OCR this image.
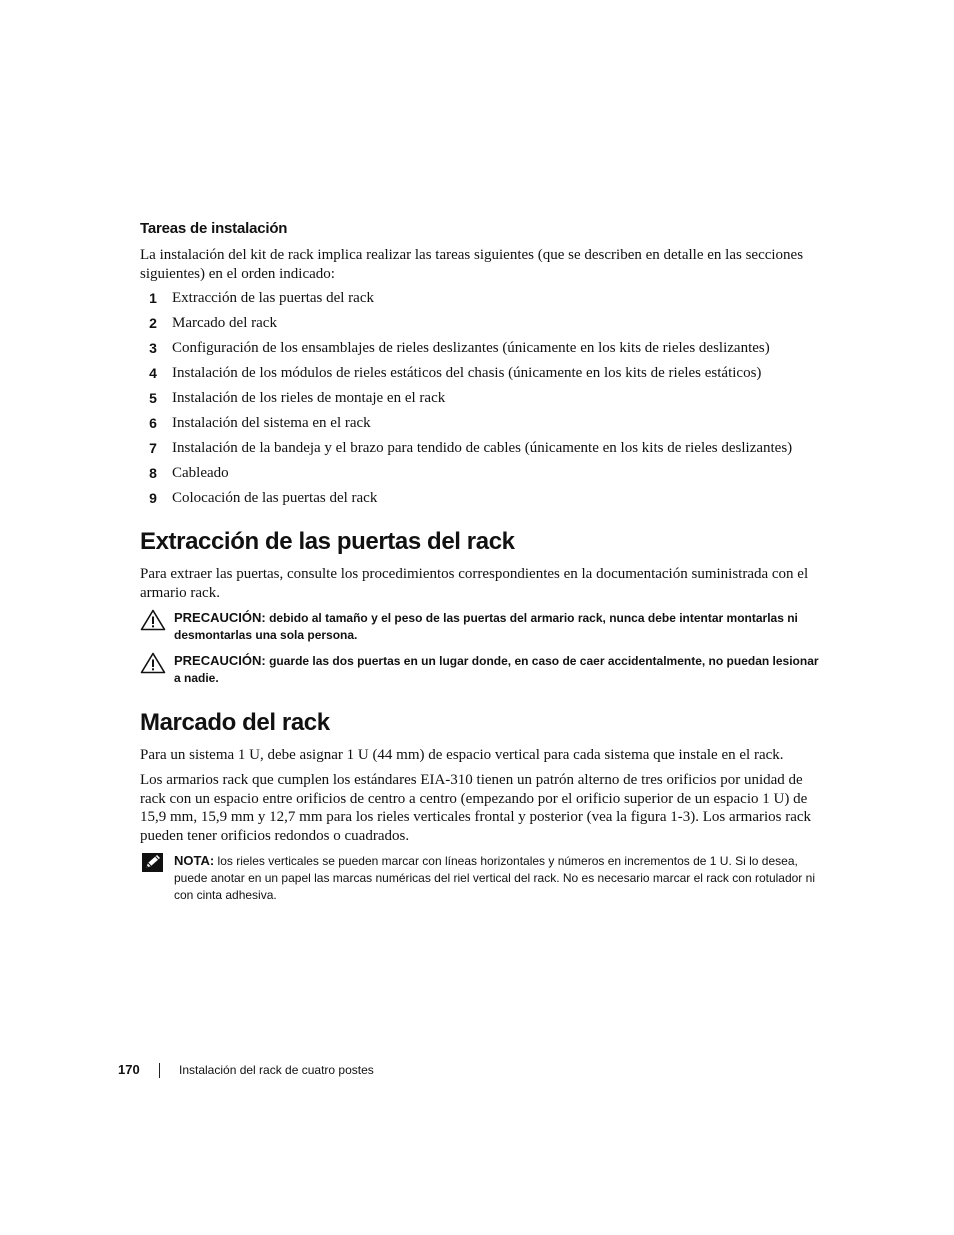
Tareas de instalación
La instalación del kit de rack implica realizar las tareas siguientes (que se describen en detalle en las secciones siguientes) en el orden indicado:
1	Extracción de las puertas del rack
2	Marcado del rack
3	Configuración de los ensamblajes de rieles deslizantes (únicamente en los kits de rieles deslizantes)
4	Instalación de los módulos de rieles estáticos del chasis (únicamente en los kits de rieles estáticos)
5	Instalación de los rieles de montaje en el rack
6	Instalación del sistema en el rack
7	Instalación de la bandeja y el brazo para tendido de cables (únicamente en los kits de rieles deslizantes)
8	Cableado
9	Colocación de las puertas del rack
Extracción de las puertas del rack
Para extraer las puertas, consulte los procedimientos correspondientes en la documentación suministrada con el armario rack.
PRECAUCIÓN: debido al tamaño y el peso de las puertas del armario rack, nunca debe intentar montarlas ni desmontarlas una sola persona.
PRECAUCIÓN: guarde las dos puertas en un lugar donde, en caso de caer accidentalmente, no puedan lesionar a nadie.
Marcado del rack
Para un sistema 1 U, debe asignar 1 U (44 mm) de espacio vertical para cada sistema que instale en el rack.
Los armarios rack que cumplen los estándares EIA-310 tienen un patrón alterno de tres orificios por unidad de rack con un espacio entre orificios de centro a centro (empezando por el orificio superior de un espacio 1 U) de 15,9 mm, 15,9 mm y 12,7 mm para los rieles verticales frontal y posterior (vea la figura 1-3). Los armarios rack pueden tener orificios redondos o cuadrados.
NOTA: los rieles verticales se pueden marcar con líneas horizontales y números en incrementos de 1 U. Si lo desea, puede anotar en un papel las marcas numéricas del riel vertical del rack. No es necesario marcar el rack con rotulador ni con cinta adhesiva.
170	Instalación del rack de cuatro postes
